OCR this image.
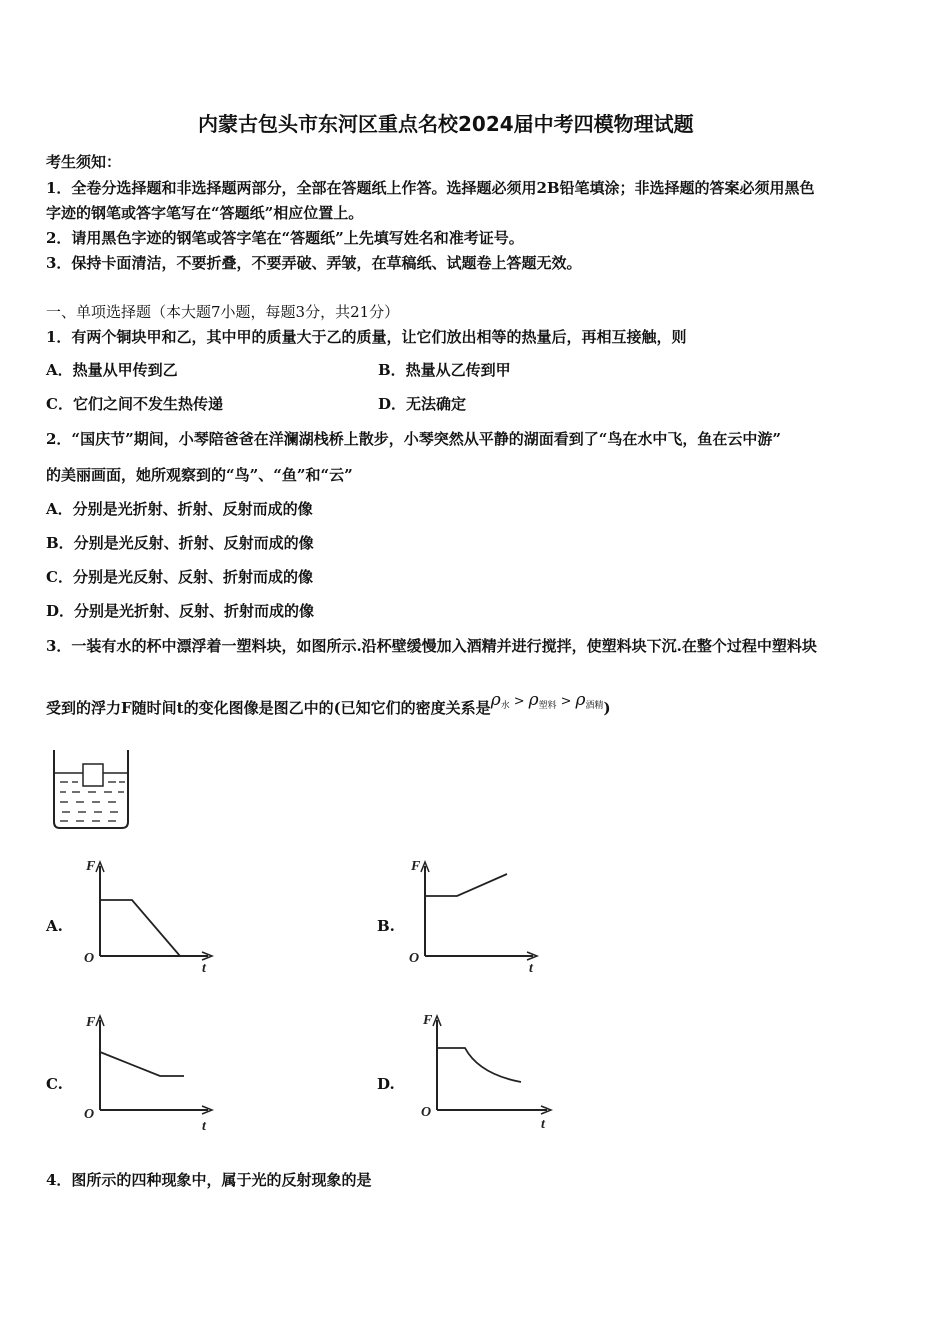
内蒙古包头市东河区重点名校2024届中考四模物理试题
考生须知：
1．全卷分选择题和非选择题两部分，全部在答题纸上作答。选择题必须用2B铅笔填涂；非选择题的答案必须用黑色
字迹的钢笔或答字笔写在“答题纸”相应位置上。
2．请用黑色字迹的钢笔或答字笔在“答题纸”上先填写姓名和准考证号。
3．保持卡面清洁，不要折叠，不要弄破、弄皱，在草稿纸、试题卷上答题无效。
一、单项选择题（本大题7小题，每题3分，共21分）
1．有两个铜块甲和乙，其中甲的质量大于乙的质量，让它们放出相等的热量后，再相互接触，则
A．热量从甲传到乙	B．热量从乙传到甲
C．它们之间不发生热传递	D．无法确定
2．“国庆节”期间，小琴陪爸爸在洋澜湖栈桥上散步，小琴突然从平静的湖面看到了“鸟在水中飞，鱼在云中游”
的美丽画面，她所观察到的“鸟”、“鱼”和“云”
A．分别是光折射、折射、反射而成的像
B．分别是光反射、折射、反射而成的像
C．分别是光反射、反射、折射而成的像
D．分别是光折射、反射、折射而成的像
3．一装有水的杯中漂浮着一塑料块，如图所示.沿杯壁缓慢加入酒精并进行搅拌，使塑料块下沉.在整个过程中塑料块
受到的浮力F随时间t的变化图像是图乙中的(已知它们的密度关系是$\rho_水 > \rho_{塑料} > \rho_{酒精}$)
A.
F
O
t
B.
F
O
t
C.
F
O
t
D.
F
O
t
4．图所示的四种现象中，属于光的反射现象的是
